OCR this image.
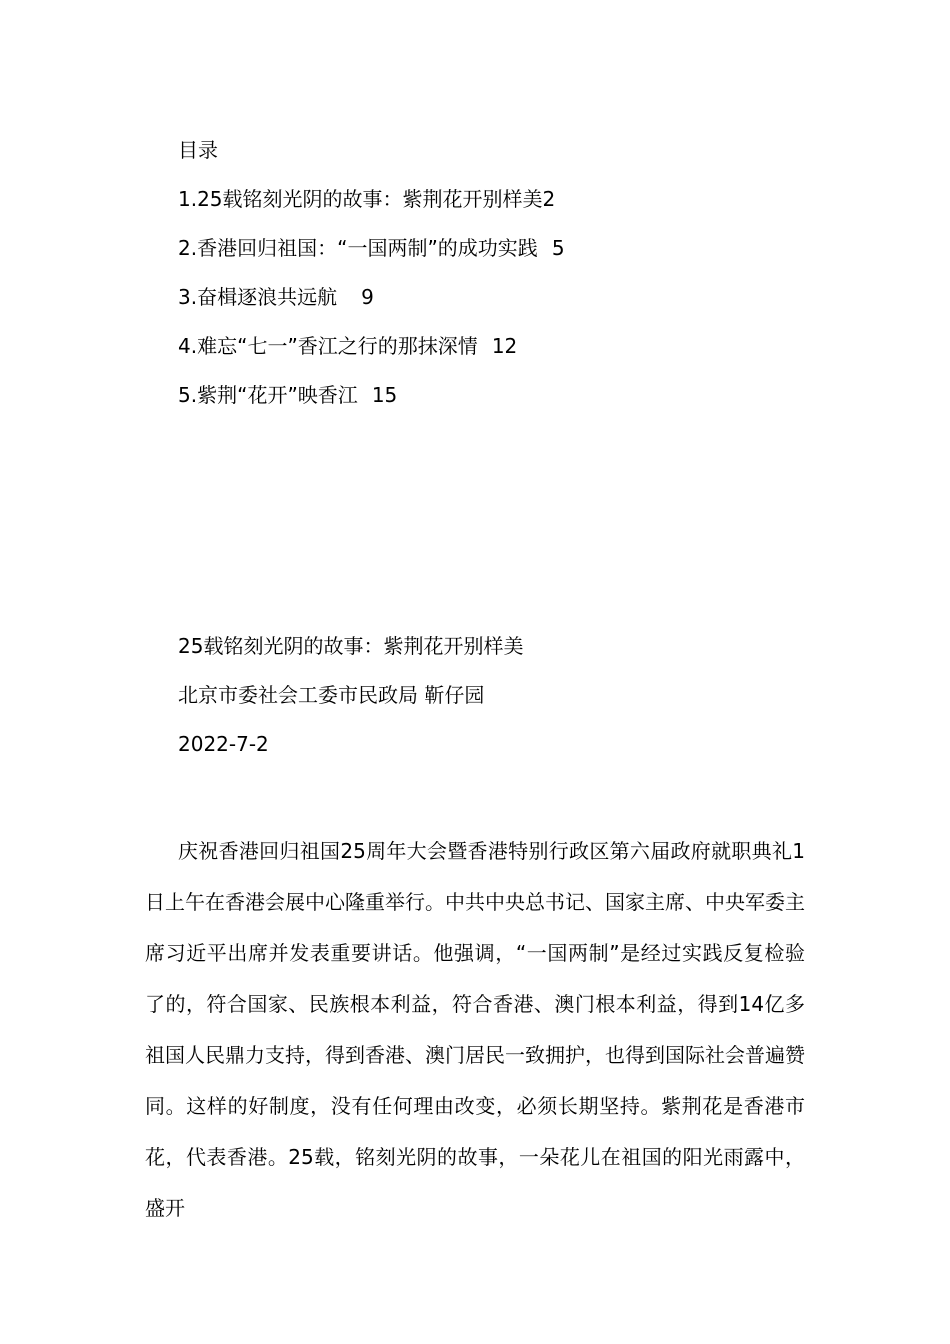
目录
1.25载铭刻光阴的故事：紫荆花开别样美2
2.香港回归祖国：“一国两制”的成功实践 5
3.奋楫逐浪共远航 9
4.难忘“七一”香江之行的那抹深情 12
5.紫荆“花开”映香江 15
25载铭刻光阴的故事：紫荆花开别样美
北京市委社会工委市民政局 靳仔园
2022-7-2

庆祝香港回归祖国25周年大会暨香港特别行政区第六届政府就职典礼1日上午在香港会展中心隆重举行。中共中央总书记、国家主席、中央军委主席习近平出席并发表重要讲话。他强调，“一国两制”是经过实践反复检验了的，符合国家、民族根本利益，符合香港、澳门根本利益，得到14亿多祖国人民鼎力支持，得到香港、澳门居民一致拥护，也得到国际社会普遍赞同。这样的好制度，没有任何理由改变，必须长期坚持。紫荆花是香港市花，代表香港。25载，铭刻光阴的故事，一朵花儿在祖国的阳光雨露中，盛开
